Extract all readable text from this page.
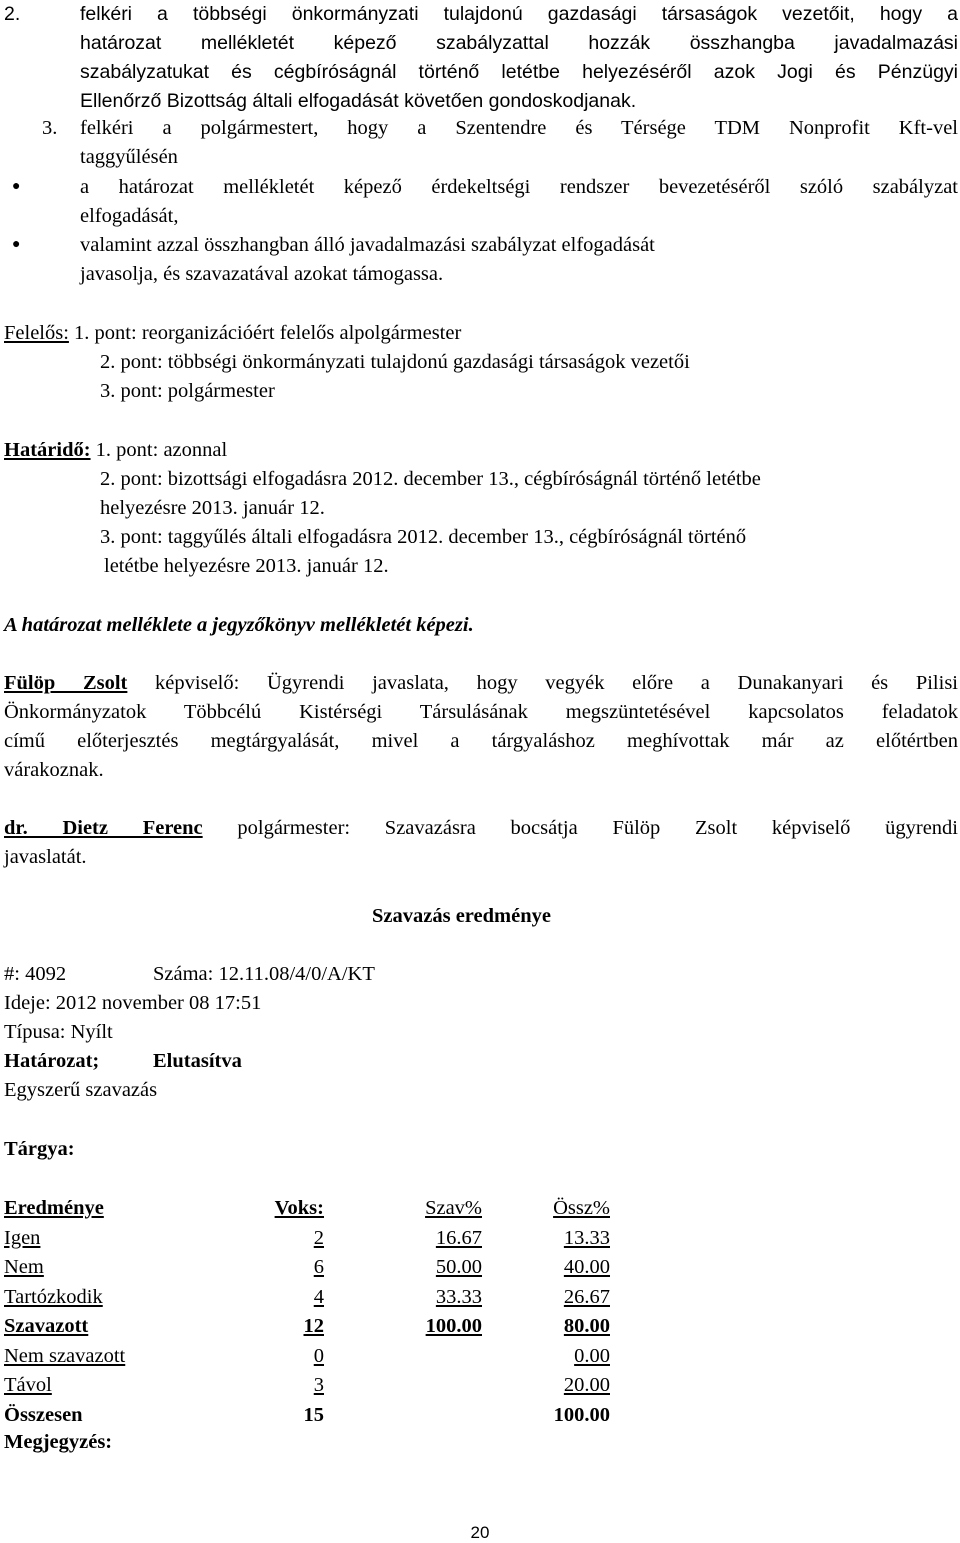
2.	felkéri a többségi önkormányzati tulajdonú gazdasági társaságok vezetőit, hogy a
határozat mellékletét képező szabályzattal hozzák összhangba javadalmazási
szabályzatukat és cégbíróságnál történő letétbe helyezéséről azok Jogi és Pénzügyi
Ellenőrző Bizottság általi elfogadását követően gondoskodjanak.
3. felkéri a polgármestert, hogy a Szentendre és Térsége TDM Nonprofit Kft-vel
taggyűlésén
●	a határozat mellékletét képező érdekeltségi rendszer bevezetéséről szóló szabályzat
elfogadását,
●	valamint azzal összhangban álló javadalmazási szabályzat elfogadását
javasolja, és szavazatával azokat támogassa.
Felelős: 1. pont: reorganizációért felelős alpolgármester
2. pont: többségi önkormányzati tulajdonú gazdasági társaságok vezetői
3. pont: polgármester
Határidő: 1. pont: azonnal
2. pont: bizottsági elfogadásra 2012. december 13., cégbíróságnál történő letétbe
helyezésre 2013. január 12.
3. pont: taggyűlés általi elfogadásra 2012. december 13., cégbíróságnál történő
letétbe helyezésre 2013. január 12.
A határozat melléklete a jegyzőkönyv mellékletét képezi.
Fülöp Zsolt képviselő: Ügyrendi javaslata, hogy vegyék előre a Dunakanyari és Pilisi
Önkormányzatok Többcélú Kistérségi Társulásának megszüntetésével kapcsolatos feladatok
című előterjesztés megtárgyalását, mivel a tárgyaláshoz meghívottak már az előtértben
várakoznak.
dr. Dietz Ferenc polgármester: Szavazásra bocsátja Fülöp Zsolt képviselő ügyrendi
javaslatát.
Szavazás eredménye
#: 4092	Száma: 12.11.08/4/0/A/KT
Ideje: 2012 november 08 17:51
Típusa: Nyílt
Határozat;	Elutasítva
Egyszerű szavazás
Tárgya:
Eredménye	Voks:	Szav%	Össz%
Igen	2	16.67	13.33
Nem	6	50.00	40.00
Tartózkodik	4	33.33	26.67
Szavazott	12	100.00	80.00
Nem szavazott	0		0.00
Távol	3		20.00
Összesen	15		100.00
Megjegyzés:
20
